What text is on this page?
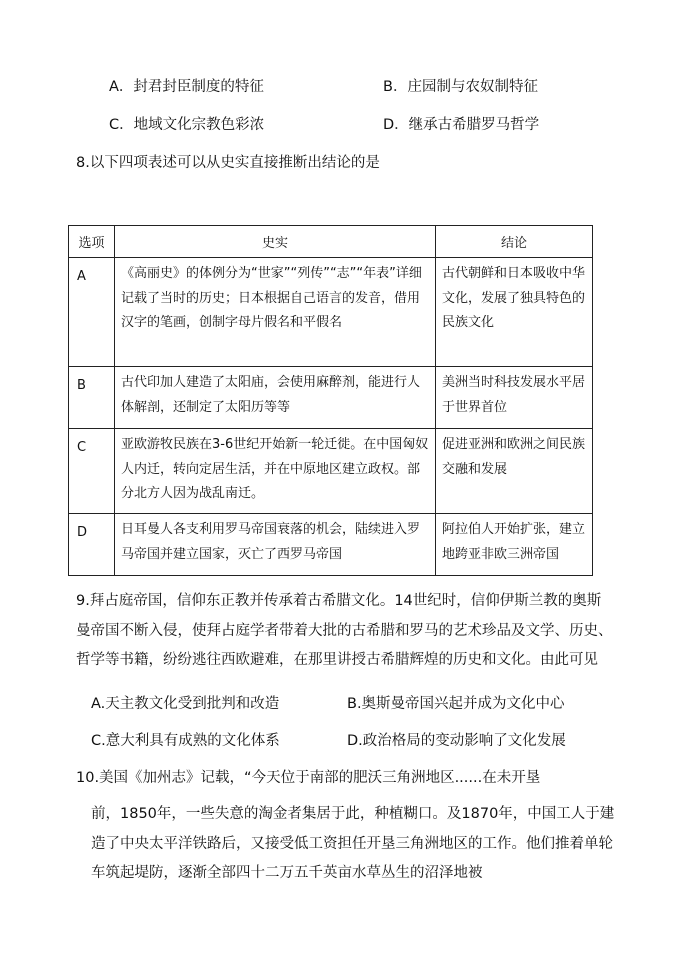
A．封君封臣制度的特征	B．庄园制与农奴制特征
C．地域文化宗教色彩浓	D．继承古希腊罗马哲学
8.以下四项表述可以从史实直接推断出结论的是
选项	史实	结论
A	《高丽史》的体例分为“世家”“列传”“志”“年表”详细记载了当时的历史；日本根据自己语言的发音，借用汉字的笔画，创制字母片假名和平假名	古代朝鲜和日本吸收中华文化，发展了独具特色的民族文化
B	古代印加人建造了太阳庙，会使用麻醉剂，能进行人体解剖，还制定了太阳历等等	美洲当时科技发展水平居于世界首位
C	亚欧游牧民族在3-6世纪开始新一轮迁徙。在中国匈奴人内迁，转向定居生活，并在中原地区建立政权。部分北方人因为战乱南迁。	促进亚洲和欧洲之间民族交融和发展
D	日耳曼人各支利用罗马帝国衰落的机会，陆续进入罗马帝国并建立国家，灭亡了西罗马帝国	阿拉伯人开始扩张，建立地跨亚非欧三洲帝国
9.拜占庭帝国，信仰东正教并传承着古希腊文化。14世纪时，信仰伊斯兰教的奥斯曼帝国不断入侵，使拜占庭学者带着大批的古希腊和罗马的艺术珍品及文学、历史、哲学等书籍，纷纷逃往西欧避难，在那里讲授古希腊辉煌的历史和文化。由此可见
A.天主教文化受到批判和改造	B.奥斯曼帝国兴起并成为文化中心
C.意大利具有成熟的文化体系	D.政治格局的变动影响了文化发展
10.美国《加州志》记载，“今天位于南部的肥沃三角洲地区......在未开垦
前，1850年，一些失意的淘金者集居于此，种植糊口。及1870年，中国工人于建造了中央太平洋铁路后，又接受低工资担任开垦三角洲地区的工作。他们推着单轮车筑起堤防，逐渐全部四十二万五千英亩水草丛生的沼泽地被
